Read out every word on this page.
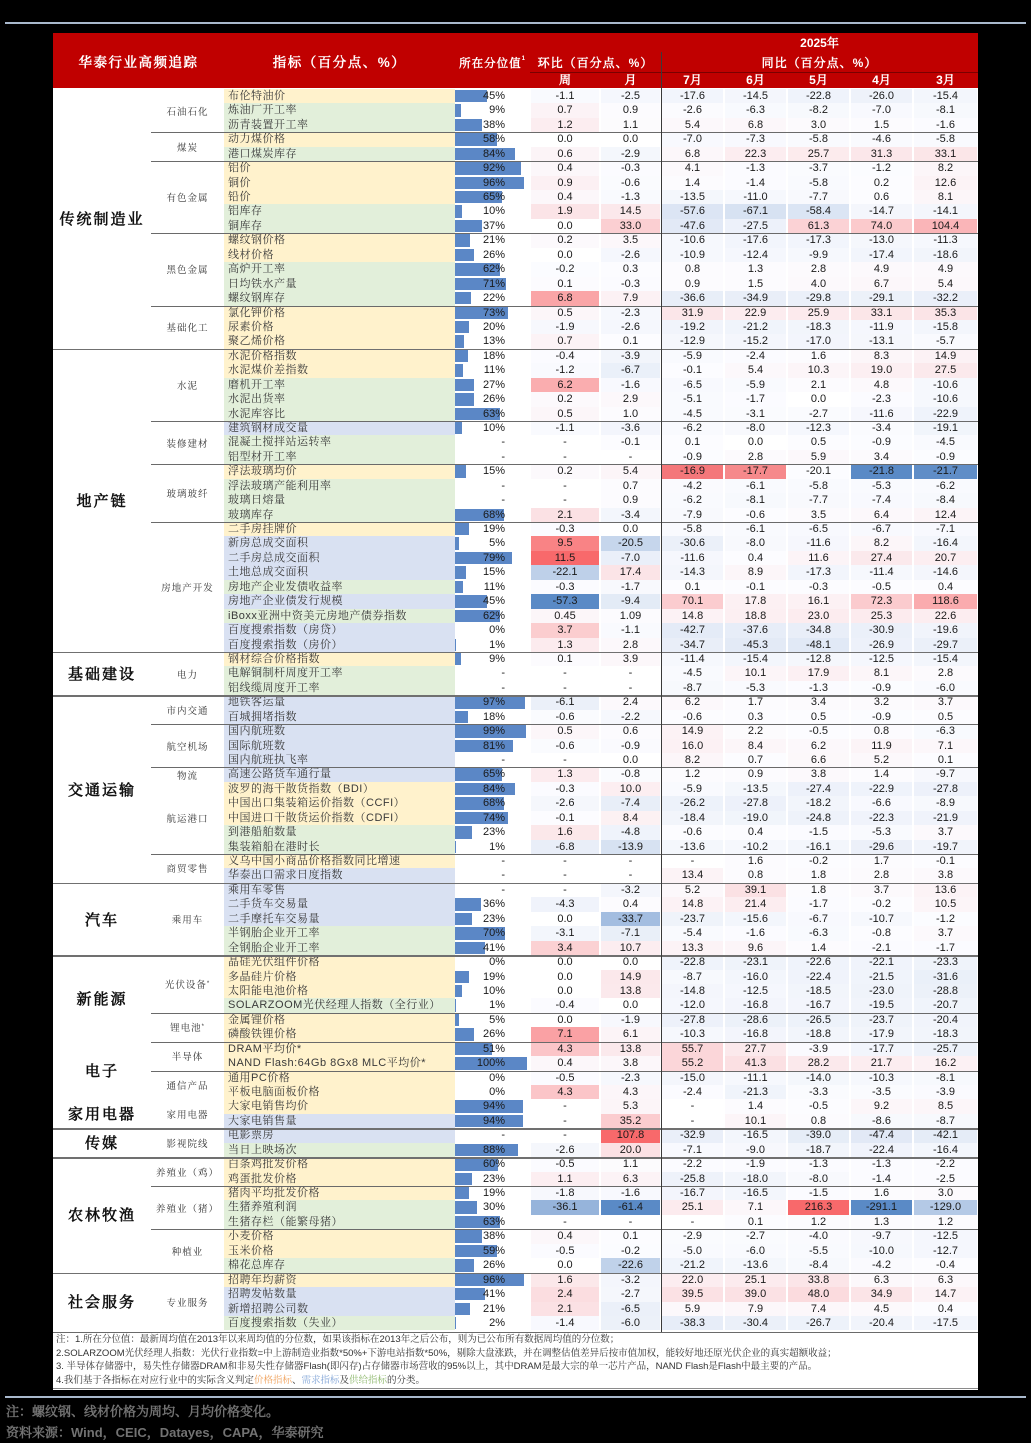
华泰行业高频追踪	指标（百分点、%）	所在分位值$^1$ 环比（百分点、%）
2025年
同比（百分点、%）
周	月	7月	6月	5月	4月	3月
布伦特油价	45%	-1.1	-2.5	-17.6	-14.5	-22.8	-26.0	-15.4
炼油厂开工率	9%	0.7	0.9	-2.6	-6.3	-8.2	-7.0	-8.1
沥青装置开工率	38%	1.2	1.1	5.4	6.8	3.0	1.5	-1.6
石油石化
动力煤价格	58%	0.0	0.0	-7.0	-7.3	-5.8	-4.6	-5.8
港口煤炭库存	84%	0.6	-2.9	6.8	22.3	25.7	31.3	33.1
煤炭
铝价	92%	0.4	-0.3	4.1	-1.3	-3.7	-1.2	8.2
铜价	96%	0.9	-0.6	1.4	-1.4	-5.8	0.2	12.6
铅价	65%	0.4	-1.3	-13.5	-11.0	-7.7	0.6	8.1
铝库存	10%	1.9	14.5	-57.6	-67.1	-58.4	-14.7	-14.1
铜库存	37%	0.0	33.0	-47.6	-27.5	61.3	74.0	104.4
有色金属
螺纹钢价格	21%	0.2	3.5	-10.6	-17.6	-17.3	-13.0	-11.3
线材价格	26%	0.0	-2.6	-10.9	-12.4	-9.9	-17.4	-18.6
高炉开工率	62%	-0.2	0.3	0.8	1.3	2.8	4.9	4.9
日均铁水产量	71%	0.1	-0.3	0.9	1.5	4.0	6.7	5.4
螺纹钢库存	22%	6.8	7.9	-36.6	-34.9	-29.8	-29.1	-32.2
黑色金属
氯化钾价格	73%	0.5	-2.3	31.9	22.9	25.9	33.1	35.3
尿素价格	20%	-1.9	-2.6	-19.2	-21.2	-18.3	-11.9	-15.8
聚乙烯价格	13%	0.7	0.1	-12.9	-15.2	-17.0	-13.1	-5.7
基础化工
传统制造业
水泥价格指数	18%	-0.4	-3.9	-5.9	-2.4	1.6	8.3	14.9
水泥煤价差指数	11%	-1.2	-6.7	-0.1	5.4	10.3	19.0	27.5
磨机开工率	27%	6.2	-1.6	-6.5	-5.9	2.1	4.8	-10.6
水泥出货率	26%	0.2	2.9	-5.1	-1.7	0.0	-2.3	-10.6
水泥库容比	63%	0.5	1.0	-4.5	-3.1	-2.7	-11.6	-22.9
水泥
建筑钢材成交量	10%	-1.1	-3.6	-6.2	-8.0	-12.3	-3.4	-19.1
混凝土搅拌站运转率	-	-	-0.1	0.1	0.0	0.5	-0.9	-4.5
铝型材开工率	-	-	-	-0.9	2.8	5.9	3.4	-0.9
装修建材
浮法玻璃均价	15%	0.2	5.4	-16.9	-17.7	-20.1	-21.8	-21.7
浮法玻璃产能利用率	-	-	0.7	-4.2	-6.1	-5.8	-5.3	-6.2
玻璃日熔量	-	-	0.9	-6.2	-8.1	-7.7	-7.4	-8.4
玻璃库存	68%	2.1	-3.4	-7.9	-0.6	3.5	6.4	12.4
玻璃玻纤
二手房挂牌价	19%	-0.3	0.0	-5.8	-6.1	-6.5	-6.7	-7.1
新房总成交面积	5%	9.5	-20.5	-30.6	-8.0	-11.6	8.2	-16.4
二手房总成交面积	79%	11.5	-7.0	-11.6	0.4	11.6	27.4	20.7
土地总成交面积	15%	-22.1	17.4	-14.3	8.9	-17.3	-11.4	-14.6
房地产企业发债收益率	11%	-0.3	-1.7	0.1	-0.1	-0.3	-0.5	0.4
房地产企业债发行规模	45%	-57.3	-9.4	70.1	17.8	16.1	72.3	118.6
iBoxx亚洲中资美元房地产债券指数	62%	0.45	1.09	14.8	18.8	23.0	25.3	22.6
百度搜索指数（房贷）	0%	3.7	-1.1	-42.7	-37.6	-34.8	-30.9	-19.6
百度搜索指数（房价）	1%	1.3	2.8	-34.7	-45.3	-48.1	-26.9	-29.7
房地产开发
地产链
钢材综合价格指数	9%	0.1	3.9	-11.4	-15.4	-12.8	-12.5	-15.4
电解铜制杆周度开工率	-	-	-	-4.5	10.1	17.9	8.1	2.8
铝线缆周度开工率	-	-	-	-8.7	-5.3	-1.3	-0.9	-6.0
电力
基础建设
地铁客运量	97%	-6.1	2.4	6.2	1.7	3.4	3.2	3.7
百城拥堵指数	18%	-0.6	-2.2	-0.6	0.3	0.5	-0.9	0.5
市内交通
国内航班数	99%	0.5	0.6	14.9	2.2	-0.5	0.8	-6.3
国际航班数	81%	-0.6	-0.9	16.0	8.4	6.2	11.9	7.1
国内航班执飞率	-	-	0.0	8.2	0.7	6.6	5.2	0.1
航空机场
高速公路货车通行量	65%	1.3	-0.8	1.2	0.9	3.8	1.4	-9.7
物流
波罗的海干散货指数（BDI）	84%	-0.3	10.0	-5.9	-13.5	-27.4	-22.9	-27.8
中国出口集装箱运价指数（CCFI）	68%	-2.6	-7.4	-26.2	-27.8	-18.2	-6.6	-8.9
中国进口干散货运价指数（CDFI）	74%	-0.1	8.4	-18.4	-19.0	-24.8	-22.3	-21.9
到港船舶数量	23%	1.6	-4.8	-0.6	0.4	-1.5	-5.3	3.7
集装箱船在港时长	1%	-6.8	-13.9	-13.6	-10.2	-16.1	-29.6	-19.7
航运港口
义乌中国小商品价格指数同比增速	-	-	-	-	1.6	-0.2	1.7	-0.1
华泰出口需求日度指数	-	-	-	13.4	0.8	1.8	2.8	3.8
商贸零售
交通运输
乘用车零售	-	-	-3.2	5.2	39.1	1.8	3.7	13.6
二手货车交易量	36%	-4.3	0.4	14.8	21.4	-1.7	-0.2	10.5
二手摩托车交易量	23%	0.0	-33.7	-23.7	-15.6	-6.7	-10.7	-1.2
半钢胎企业开工率	70%	-3.1	-7.1	-5.4	-1.6	-6.3	-0.8	3.7
全钢胎企业开工率	41%	3.4	10.7	13.3	9.6	1.4	-2.1	-1.7
乘用车
汽车
晶硅光伏组件价格	0%	0.0	0.0	-22.8	-23.1	-22.6	-22.1	-23.3
多晶硅片价格	19%	0.0	14.9	-8.7	-16.0	-22.4	-21.5	-31.6
太阳能电池价格	10%	0.0	13.8	-14.8	-12.5	-18.5	-23.0	-28.8
SOLARZOOM光伏经理人指数（全行业）	1%	-0.4	0.0	-12.0	-16.8	-16.7	-19.5	-20.7
光伏设备 *
金属锂价格	5%	0.0	-1.9	-27.8	-28.6	-26.5	-23.7	-20.4
磷酸铁锂价格	26%	7.1	6.1	-10.3	-16.8	-18.8	-17.9	-18.3
锂电池 *
新能源
DRAM平均价*	51%	4.3	13.8	55.7	27.7	-3.9	-17.7	-25.7
NAND Flash:64Gb 8Gx8 MLC平均价*	100%	0.4	3.8	55.2	41.3	28.2	21.7	16.2
半导体
通用PC价格	0%	-0.5	-2.3	-15.0	-11.1	-14.0	-10.3	-8.1
平板电脑面板价格	0%	4.3	4.3	-2.4	-21.3	-3.3	-3.5	-3.9
通信产品
电子
大家电销售均价	94%	-	5.3	-	1.4	-0.5	9.2	8.5
大家电销售量	94%	-	35.2	-	10.1	0.8	-8.6	-8.7
家用电器
家用电器
电影票房	-	-	107.8	-32.9	-16.5	-39.0	-47.4	-42.1
当日上映场次	88%	-2.6	20.0	-7.1	-9.0	-18.7	-22.4	-16.4
影视院线
传媒
白条鸡批发价格	60%	-0.5	1.1	-2.2	-1.9	-1.3	-1.3	-2.2
鸡蛋批发价格	23%	1.1	6.3	-25.8	-18.0	-8.0	-1.4	-2.5
养殖业（鸡）
猪肉平均批发价格	19%	-1.8	-1.6	-16.7	-16.5	-1.5	1.6	3.0
生猪养殖利润	30%	-36.1	-61.4	25.1	7.1	216.3	-291.1	-129.0
生猪存栏（能繁母猪）	63%	-	-	-	0.1	1.2	1.3	1.2
养殖业（猪）
小麦价格	38%	0.4	0.1	-2.9	-2.7	-4.0	-9.7	-12.5
玉米价格	59%	-0.5	-0.2	-5.0	-6.0	-5.5	-10.0	-12.7
棉花总库存	26%	0.0	-22.6	-21.2	-13.6	-8.4	-4.2	-0.4
种植业
农林牧渔
招聘年均薪资	96%	1.6	-3.2	22.0	25.1	33.8	6.3	6.3
招聘发帖数量	41%	2.4	-2.7	39.5	39.0	48.0	34.9	14.7
新增招聘公司数	21%	2.1	-6.5	5.9	7.9	7.4	4.5	0.4
百度搜索指数（失业）	2%	-1.4	-6.0	-38.3	-30.4	-26.7	-20.4	-17.5
专业服务
社会服务
注：1.所在分位值：最新周均值在2013年以来周均值的分位数，如果该指标在2013年之后公布，则为已公布所有数据周均值的分位数；
2.SOLARZOOM光伏经理人指数：光伏行业指数=中上游制造业指数*50%+下游电站指数*50%，剔除大盘涨跌，并在调整估值差异后按市值加权，能较好地还原光伏企业的真实超额收益；
3. 半导体存储器中，易失性存储器DRAM和非易失性存储器Flash(即闪存)占存储器市场营收的95%以上，其中DRAM是最大宗的单一芯片产品，NAND Flash是Flash中最主要的产品。
4.我们基于各指标在对应行业中的实际含义判定价格指标、需求指标及供给指标的分类。
注：螺纹钢、线材价格为周均、月均价格变化。
资料来源：Wind，CEIC，Datayes，CAPA，华泰研究
